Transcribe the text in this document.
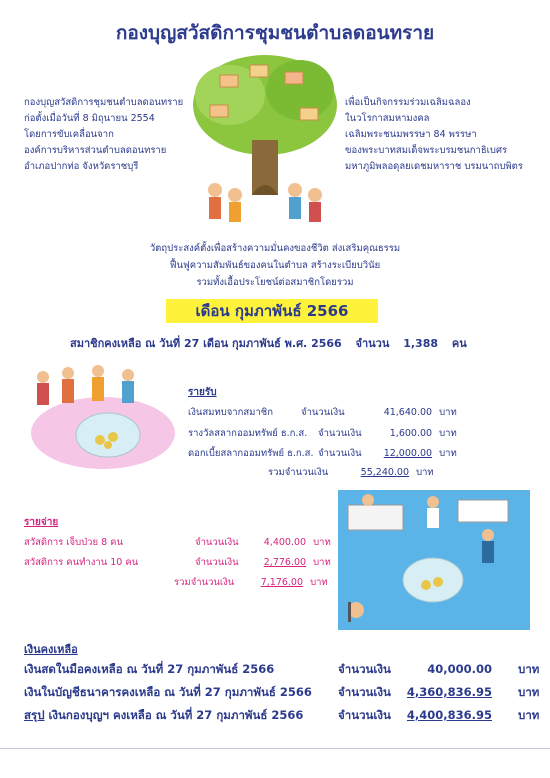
กองบุญสวัสดิการชุมชนตำบลดอนทราย
กองบุญสวัสดิการชุมชนตำบลดอนทราย
ก่อตั้งเมื่อวันที่ 8 มิถุนายน 2554
โดยการขับเคลื่อนจาก
องค์การบริหารส่วนตำบลดอนทราย
อำเภอปากท่อ จังหวัดราชบุรี
เพื่อเป็นกิจกรรมร่วมเฉลิมฉลอง
ในวโรกาสมหามงคล
เฉลิมพระชนมพรรษา 84 พรรษา
ของพระบาทสมเด็จพระบรมชนกาธิเบศร
มหาภูมิพลอดุลยเดชมหาราช บรมนาถบพิตร
วัตถุประสงค์ตั้งเพื่อสร้างความมั่นคงของชีวิต ส่งเสริมคุณธรรม
ฟื้นฟูความสัมพันธ์ของคนในตำบล สร้างระเบียบวินัย
รวมทั้งเอื้อประโยชน์ต่อสมาชิกโดยรวม
เดือน กุมภาพันธ์ 2566
สมาชิกคงเหลือ ณ วันที่ 27 เดือน กุมภาพันธ์ พ.ศ. 2566 จำนวน 1,388 คน
รายรับ
เงินสมทบจากสมาชิก	จำนวนเงิน	41,640.00 บาท
รางวัลสลากออมทรัพย์ ธ.ก.ส. จำนวนเงิน	1,600.00 บาท
ดอกเบี้ยสลากออมทรัพย์ ธ.ก.ส. จำนวนเงิน 12,000.00 บาท
รวมจำนวนเงิน	55,240.00 บาท
รายจ่าย
สวัสดิการ เจ็บป่วย 8 คน	จำนวนเงิน	4,400.00 บาท
สวัสดิการ คนทำงาน 10 คน	จำนวนเงิน	2,776.00 บาท
รวมจำนวนเงิน	7,176.00 บาท
เงินคงเหลือ
เงินสดในมือคงเหลือ ณ วันที่ 27 กุมภาพันธ์ 2566	จำนวนเงิน	40,000.00 บาท
เงินในบัญชีธนาคารคงเหลือ ณ วันที่ 27 กุมภาพันธ์ 2566 จำนวนเงิน 4,360,836.95 บาท
สรุป เงินกองบุญฯ คงเหลือ ณ วันที่ 27 กุมภาพันธ์ 2566	จำนวนเงิน 4,400,836.95 บาท
